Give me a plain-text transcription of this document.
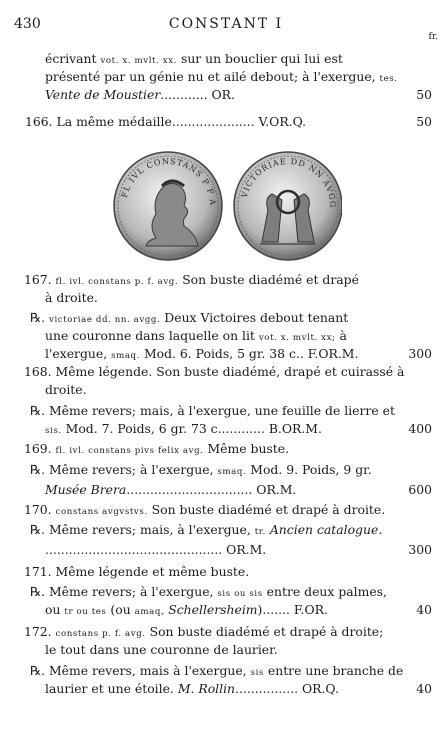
430	CONSTANT I
fr.
écrivant vot. x. mvlt. xx. sur un bouclier qui lui est
présenté par un génie nu et ailé debout; à l'exergue, tes.
Vente de Moustier............ OR.	50
166. La même médaille..................... V.OR.Q.	50
167. fl. ivl. constans p. f. avg. Son buste diadémé et drapé
à droite.
℞. victoriae dd. nn. avgg. Deux Victoires debout tenant
une couronne dans laquelle on lit vot. x. mvlt. xx; à
l'exergue, smaq. Mod. 6. Poids, 5 gr. 38 c.. F.OR.M.	300
168. Même légende. Son buste diadémé, drapé et cuirassé à
droite.
℞. Même revers; mais, à l'exergue, une feuille de lierre et
sis. Mod. 7. Poids, 6 gr. 73 c............ B.OR.M.	400
169. fl. ivl. constans pivs felix avg. Même buste.
℞. Même revers; à l'exergue, smaq. Mod. 9. Poids, 9 gr.
Musée Brera................................ OR.M.	600
170. constans avgvstvs. Son buste diadémé et drapé à droite.
℞. Même revers; mais, à l'exergue, tr. Ancien catalogue.
............................................. OR.M.	300
171. Même légende et même buste.
℞. Même revers; à l'exergue, sis ou sis entre deux palmes,
ou tr ou tes (ou amaq, Schellersheim)....... F.OR.	40
172. constans p. f. avg. Son buste diadémé et drapé à droite;
le tout dans une couronne de laurier.
℞. Même revers, mais à l'exergue, sis entre une branche de
laurier et une étoile. M. Rollin................ OR.Q.	40
FL IVL CONSTANS P F A
VICTORIAE DD NN AVGG
